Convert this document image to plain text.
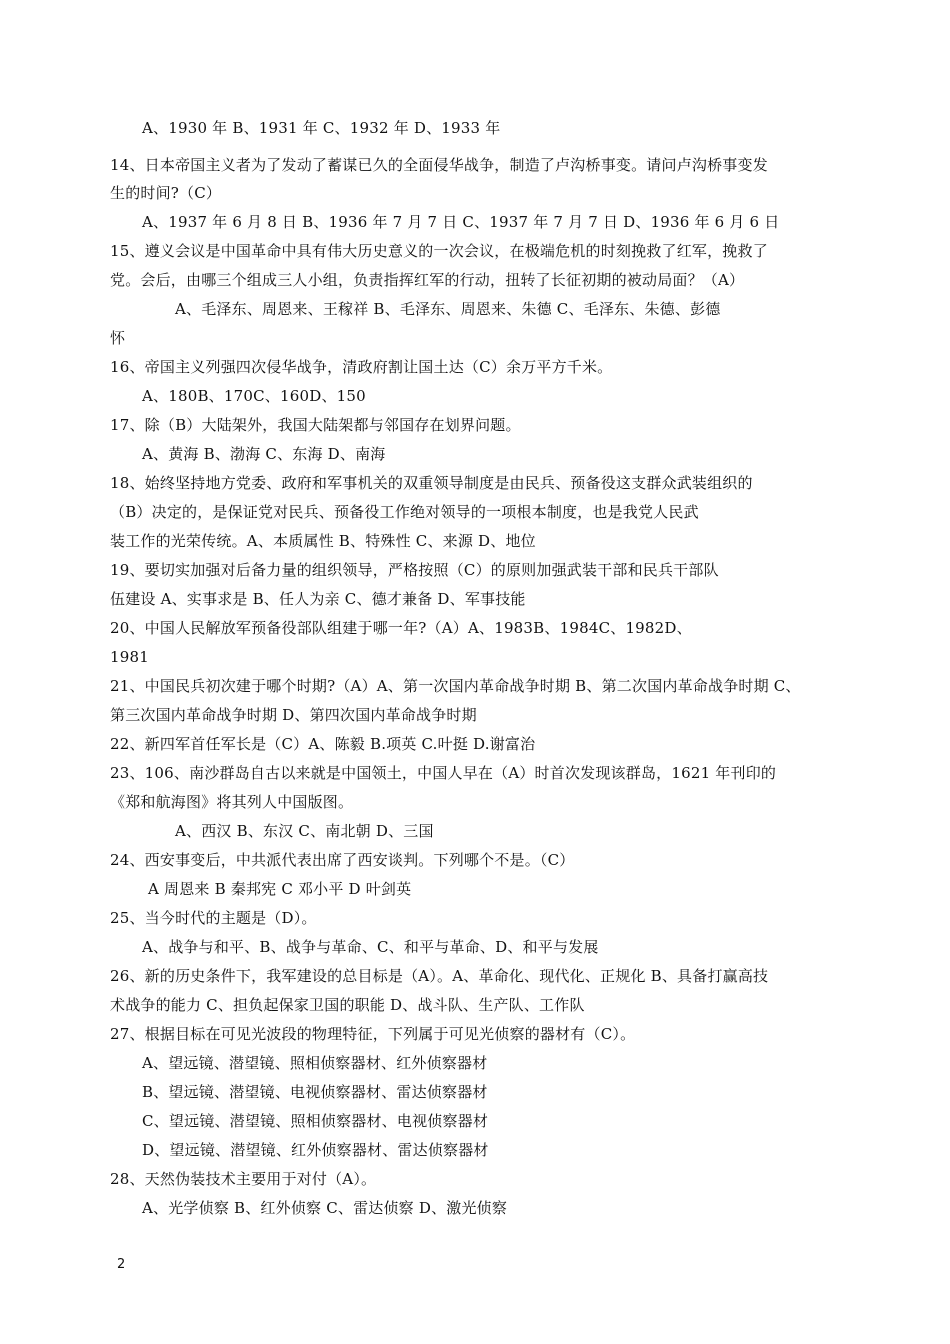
A、1930 年 B、1931 年 C、1932 年 D、1933 年
14、日本帝国主义者为了发动了蓄谋已久的全面侵华战争，制造了卢沟桥事变。请问卢沟桥事变发
生的时间?（C）
A、1937 年 6 月 8 日 B、1936 年 7 月 7 日 C、1937 年 7 月 7 日 D、1936 年 6 月 6 日
15、遵义会议是中国革命中具有伟大历史意义的一次会议，在极端危机的时刻挽救了红军，挽救了
党。会后，由哪三个组成三人小组，负责指挥红军的行动，扭转了长征初期的被动局面？（A）
A、毛泽东、周恩来、王稼祥 B、毛泽东、周恩来、朱德 C、毛泽东、朱德、彭德
怀
16、帝国主义列强四次侵华战争，清政府割让国土达（C）余万平方千米。
A、180B、170C、160D、150
17、除（B）大陆架外，我国大陆架都与邻国存在划界问题。
A、黄海 B、渤海 C、东海 D、南海
18、始终坚持地方党委、政府和军事机关的双重领导制度是由民兵、预备役这支群众武装组织的
（B）决定的，是保证党对民兵、预备役工作绝对领导的一项根本制度，也是我党人民武
装工作的光荣传统。A、本质属性 B、特殊性 C、来源 D、地位
19、要切实加强对后备力量的组织领导，严格按照（C）的原则加强武装干部和民兵干部队
伍建设 A、实事求是 B、任人为亲 C、德才兼备 D、军事技能
20、中国人民解放军预备役部队组建于哪一年?（A）A、1983B、1984C、1982D、
1981
21、中国民兵初次建于哪个时期?（A）A、第一次国内革命战争时期 B、第二次国内革命战争时期 C、
第三次国内革命战争时期 D、第四次国内革命战争时期
22、新四军首任军长是（C）A、陈毅 B.项英 C.叶挺 D.谢富治
23、106、南沙群岛自古以来就是中国领土，中国人早在（A）时首次发现该群岛，1621 年刊印的
《郑和航海图》将其列人中国版图。
A、西汉 B、东汉 C、南北朝 D、三国
24、西安事变后，中共派代表出席了西安谈判。下列哪个不是。（C）
A 周恩来 B 秦邦宪 C 邓小平 D 叶剑英
25、当今时代的主题是（D）。
A、战争与和平、B、战争与革命、C、和平与革命、D、和平与发展
26、新的历史条件下，我军建设的总目标是（A）。A、革命化、现代化、正规化 B、具备打赢高技
术战争的能力 C、担负起保家卫国的职能 D、战斗队、生产队、工作队
27、根据目标在可见光波段的物理特征，下列属于可见光侦察的器材有（C）。
A、望远镜、潜望镜、照相侦察器材、红外侦察器材
B、望远镜、潜望镜、电视侦察器材、雷达侦察器材
C、望远镜、潜望镜、照相侦察器材、电视侦察器材
D、望远镜、潜望镜、红外侦察器材、雷达侦察器材
28、天然伪装技术主要用于对付（A）。
A、光学侦察 B、红外侦察 C、雷达侦察 D、激光侦察
2
